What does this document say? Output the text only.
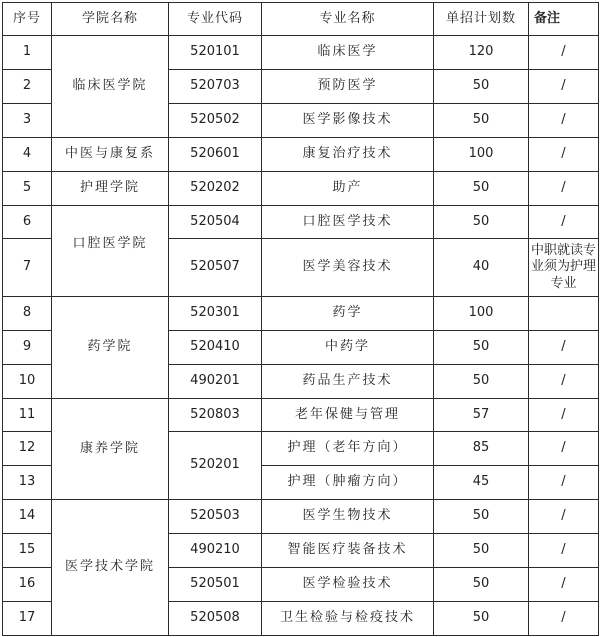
序号	学院名称	专业代码	专业名称	单招计划数	备注
1	临床医学院	520101	临床医学	120	/
2		520703	预防医学	50	/
3		520502	医学影像技术	50	/
4	中医与康复系	520601	康复治疗技术	100	/
5	护理学院	520202	助产	50	/
6	口腔医学院	520504	口腔医学技术	50	/
7		520507	医学美容技术	40	中职就读专业须为护理专业
8	药学院	520301	药学	100	
9		520410	中药学	50	/
10		490201	药品生产技术	50	/
11	康养学院	520803	老年保健与管理	57	/
12		520201	护理（老年方向）	85	/
13			护理（肿瘤方向）	45	/
14	医学技术学院	520503	医学生物技术	50	/
15		490210	智能医疗装备技术	50	/
16		520501	医学检验技术	50	/
17		520508	卫生检验与检疫技术	50	/
